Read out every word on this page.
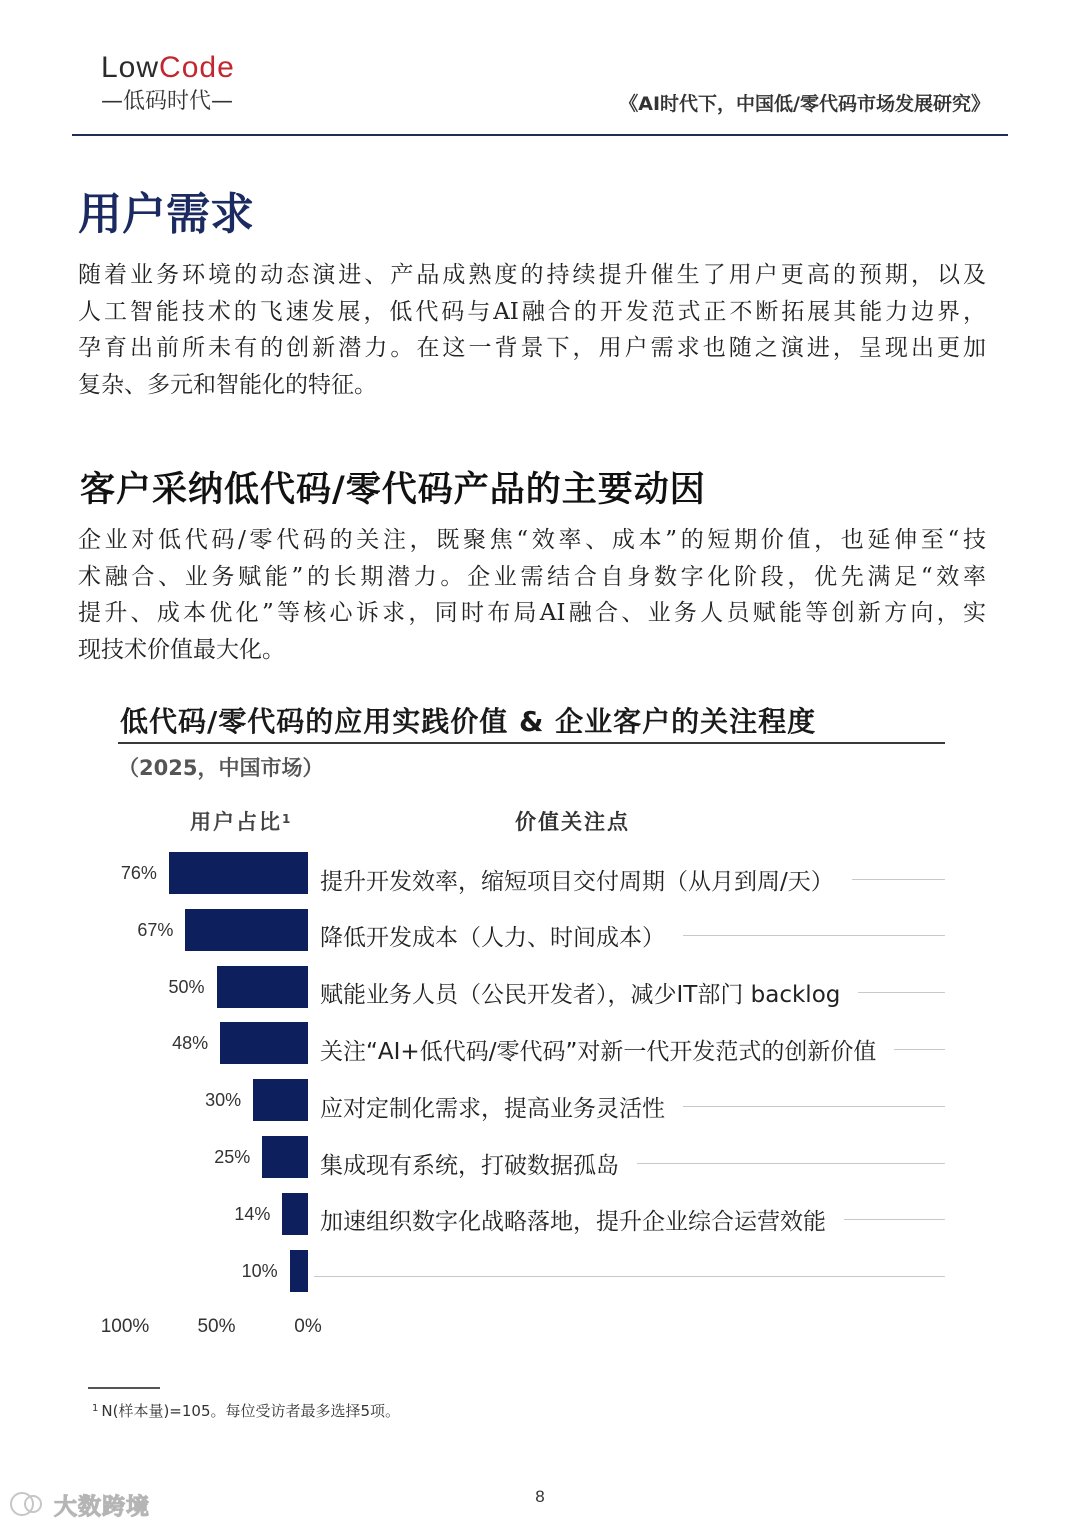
LowCode
—低码时代—	《AI时代下，中国低/零代码市场发展研究》
用户需求
随着业务环境的动态演进、产品成熟度的持续提升催生了用户更高的预期，以及
人工智能技术的飞速发展，低代码与AI融合的开发范式正不断拓展其能力边界，
孕育出前所未有的创新潜力。在这一背景下，用户需求也随之演进，呈现出更加
复杂、多元和智能化的特征。
客户采纳低代码/零代码产品的主要动因
企业对低代码/零代码的关注，既聚焦“效率、成本”的短期价值，也延伸至“技
术融合、业务赋能”的长期潜力。企业需结合自身数字化阶段，优先满足“效率
提升、成本优化”等核心诉求，同时布局AI融合、业务人员赋能等创新方向，实
现技术价值最大化。
低代码/零代码的应用实践价值 & 企业客户的关注程度
（2025，中国市场）
用户占比$^1$	价值关注点
76%	提升开发效率，缩短项目交付周期（从月到周/天）
67%	降低开发成本（人力、时间成本）
50%	赋能业务人员（公民开发者），减少IT部门 backlog
48%	关注“AI+低代码/零代码”对新一代开发范式的创新价值
30%	应对定制化需求，提高业务灵活性
25%	集成现有系统，打破数据孤岛
14% 加速组织数字化战略落地，提升企业综合运营效能
10%
100%	50%	0%
$^1$ N(样本量)=105。每位受访者最多选择5项。
8
大数跨境
